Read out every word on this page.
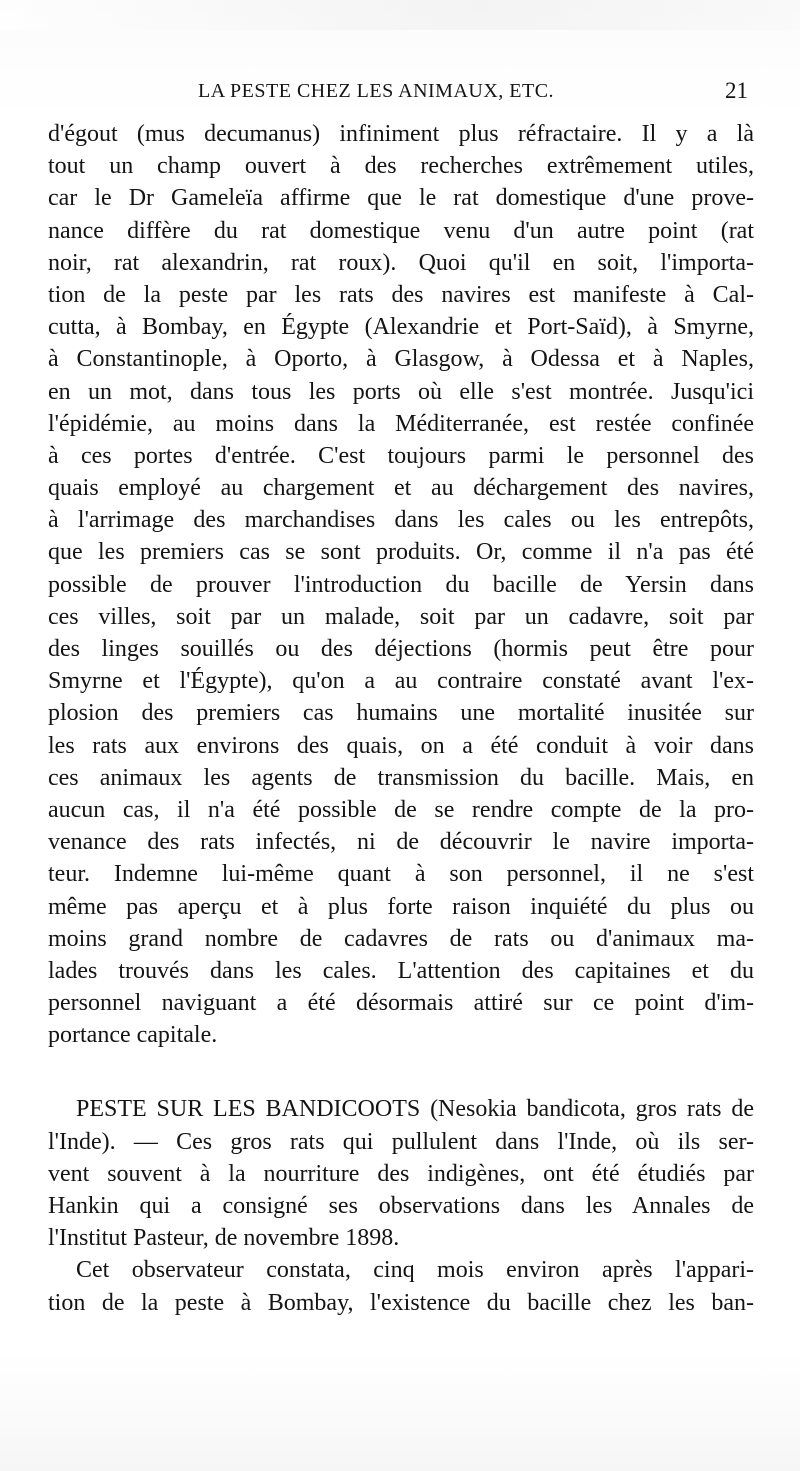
LA PESTE CHEZ LES ANIMAUX, ETC.	21
d'égout (mus decumanus) infiniment plus réfractaire. Il y a là
tout un champ ouvert à des recherches extrêmement utiles,
car le Dr Gameleïa affirme que le rat domestique d'une prove-
nance diffère du rat domestique venu d'un autre point (rat
noir, rat alexandrin, rat roux). Quoi qu'il en soit, l'importa-
tion de la peste par les rats des navires est manifeste à Cal-
cutta, à Bombay, en Égypte (Alexandrie et Port-Saïd), à Smyrne,
à Constantinople, à Oporto, à Glasgow, à Odessa et à Naples,
en un mot, dans tous les ports où elle s'est montrée. Jusqu'ici
l'épidémie, au moins dans la Méditerranée, est restée confinée
à ces portes d'entrée. C'est toujours parmi le personnel des
quais employé au chargement et au déchargement des navires,
à l'arrimage des marchandises dans les cales ou les entrepôts,
que les premiers cas se sont produits. Or, comme il n'a pas été
possible de prouver l'introduction du bacille de Yersin dans
ces villes, soit par un malade, soit par un cadavre, soit par
des linges souillés ou des déjections (hormis peut être pour
Smyrne et l'Égypte), qu'on a au contraire constaté avant l'ex-
plosion des premiers cas humains une mortalité inusitée sur
les rats aux environs des quais, on a été conduit à voir dans
ces animaux les agents de transmission du bacille. Mais, en
aucun cas, il n'a été possible de se rendre compte de la pro-
venance des rats infectés, ni de découvrir le navire importa-
teur. Indemne lui-même quant à son personnel, il ne s'est
même pas aperçu et à plus forte raison inquiété du plus ou
moins grand nombre de cadavres de rats ou d'animaux ma-
lades trouvés dans les cales. L'attention des capitaines et du
personnel naviguant a été désormais attiré sur ce point d'im-
portance capitale.
PESTE SUR LES BANDICOOTS (Nesokia bandicota, gros rats de
l'Inde). — Ces gros rats qui pullulent dans l'Inde, où ils ser-
vent souvent à la nourriture des indigènes, ont été étudiés par
Hankin qui a consigné ses observations dans les Annales de
l'Institut Pasteur, de novembre 1898.
Cet observateur constata, cinq mois environ après l'appari-
tion de la peste à Bombay, l'existence du bacille chez les ban-
